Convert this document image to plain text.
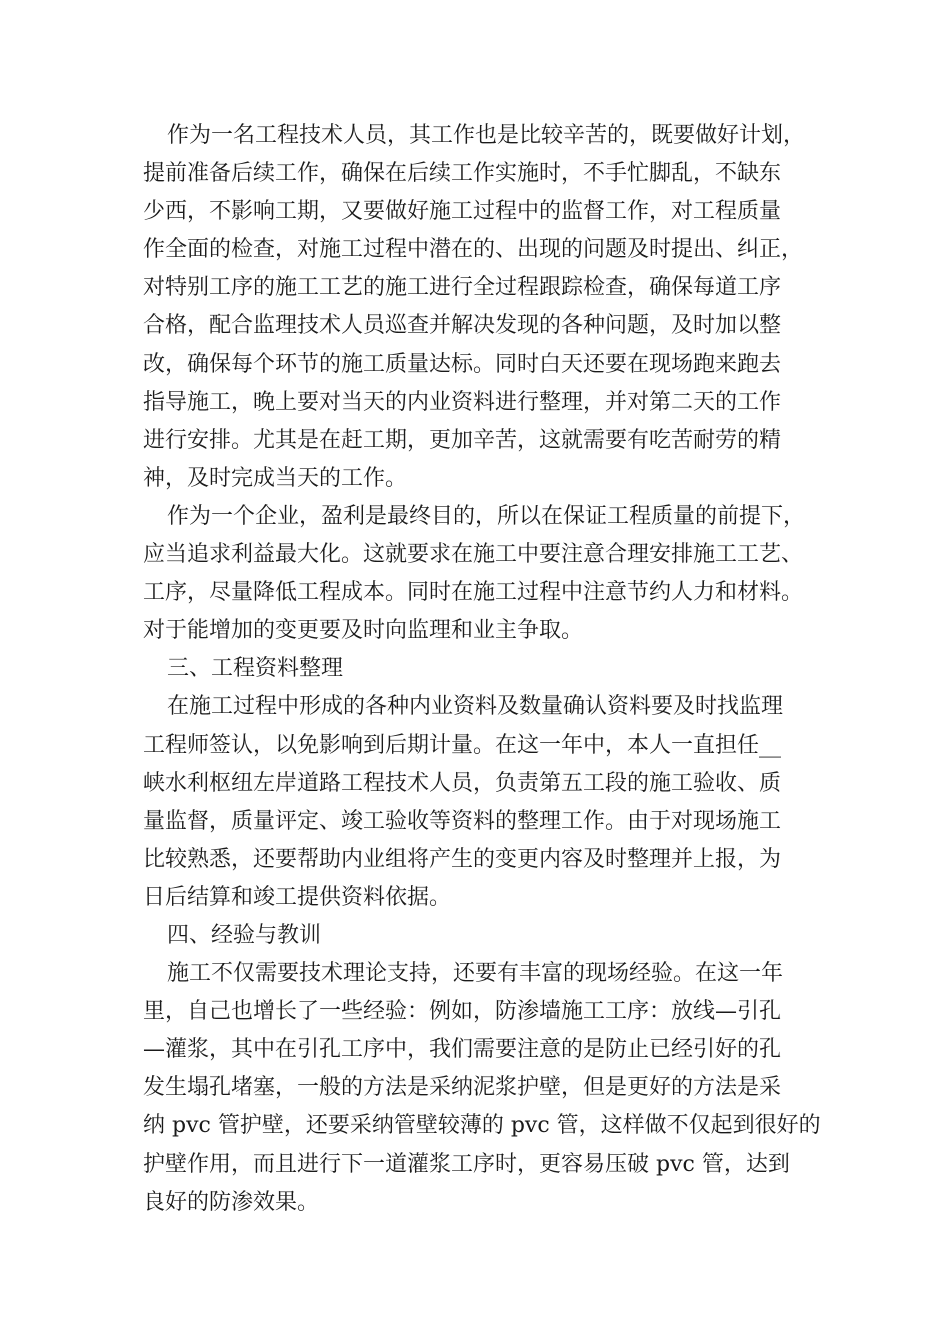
作为一名工程技术人员，其工作也是比较辛苦的，既要做好计划，
提前准备后续工作，确保在后续工作实施时，不手忙脚乱，不缺东
少西，不影响工期，又要做好施工过程中的监督工作，对工程质量
作全面的检查，对施工过程中潜在的、出现的问题及时提出、纠正，
对特别工序的施工工艺的施工进行全过程跟踪检查，确保每道工序
合格，配合监理技术人员巡查并解决发现的各种问题，及时加以整
改，确保每个环节的施工质量达标。同时白天还要在现场跑来跑去
指导施工，晚上要对当天的内业资料进行整理，并对第二天的工作
进行安排。尤其是在赶工期，更加辛苦，这就需要有吃苦耐劳的精
神，及时完成当天的工作。
作为一个企业，盈利是最终目的，所以在保证工程质量的前提下，
应当追求利益最大化。这就要求在施工中要注意合理安排施工工艺、
工序，尽量降低工程成本。同时在施工过程中注意节约人力和材料。
对于能增加的变更要及时向监理和业主争取。
三、工程资料整理
在施工过程中形成的各种内业资料及数量确认资料要及时找监理
工程师签认，以免影响到后期计量。在这一年中，本人一直担任__
峡水利枢纽左岸道路工程技术人员，负责第五工段的施工验收、质
量监督，质量评定、竣工验收等资料的整理工作。由于对现场施工
比较熟悉，还要帮助内业组将产生的变更内容及时整理并上报，为
日后结算和竣工提供资料依据。
四、经验与教训
施工不仅需要技术理论支持，还要有丰富的现场经验。在这一年
里，自己也增长了一些经验：例如，防渗墙施工工序：放线—引孔
—灌浆，其中在引孔工序中，我们需要注意的是防止已经引好的孔
发生塌孔堵塞，一般的方法是采纳泥浆护壁，但是更好的方法是采
纳 pvc 管护壁，还要采纳管壁较薄的 pvc 管，这样做不仅起到很好的
护壁作用，而且进行下一道灌浆工序时，更容易压破 pvc 管，达到
良好的防渗效果。
